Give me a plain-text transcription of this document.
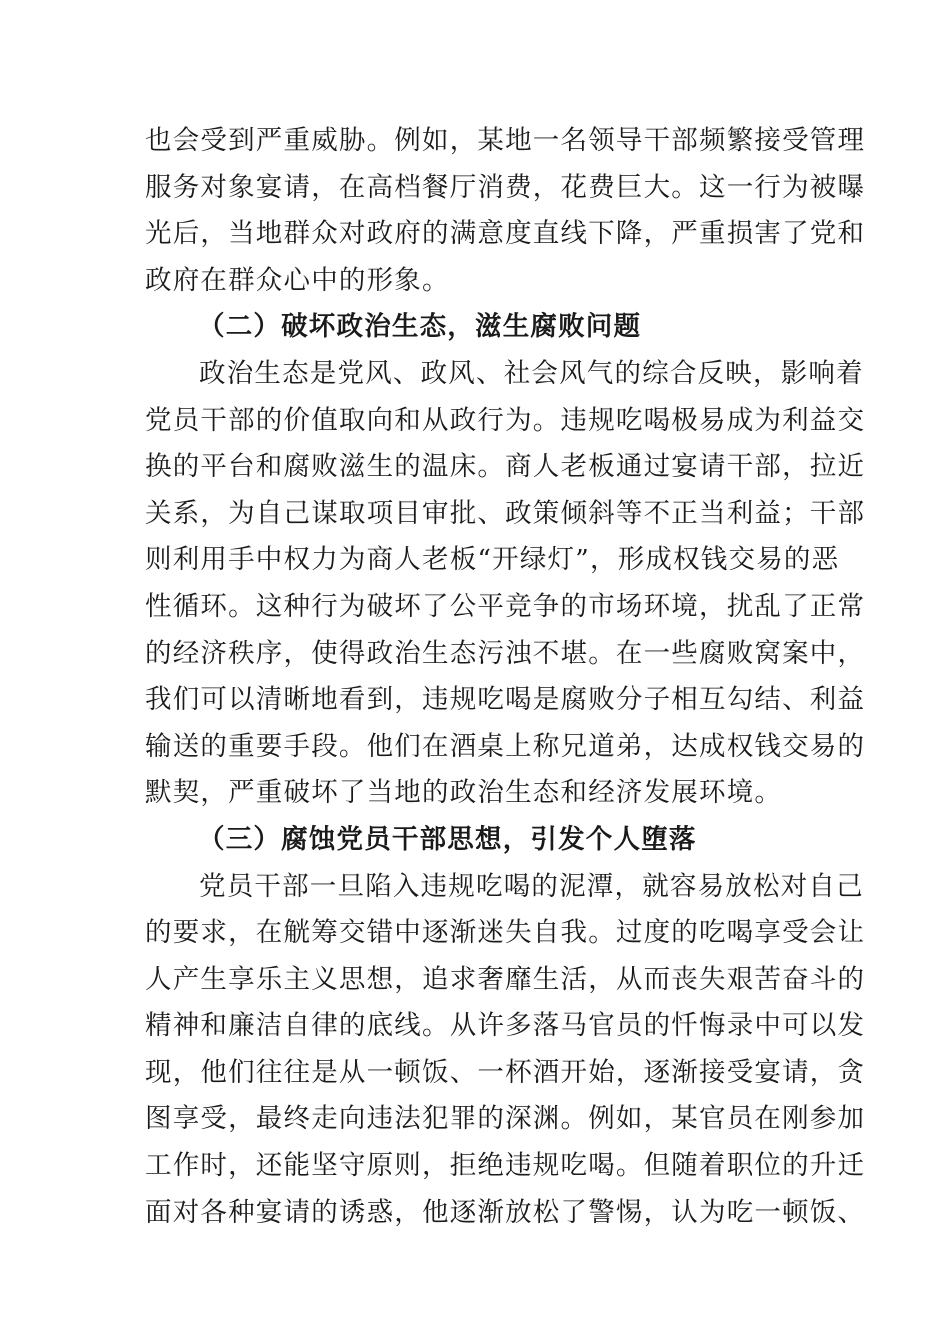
也会受到严重威胁。例如，某地一名领导干部频繁接受管理
服务对象宴请，在高档餐厅消费，花费巨大。这一行为被曝
光后，当地群众对政府的满意度直线下降，严重损害了党和
政府在群众心中的形象。
（二）破坏政治生态，滋生腐败问题
政治生态是党风、政风、社会风气的综合反映，影响着
党员干部的价值取向和从政行为。违规吃喝极易成为利益交
换的平台和腐败滋生的温床。商人老板通过宴请干部，拉近
关系，为自己谋取项目审批、政策倾斜等不正当利益；干部
则利用手中权力为商人老板“开绿灯”，形成权钱交易的恶
性循环。这种行为破坏了公平竞争的市场环境，扰乱了正常
的经济秩序，使得政治生态污浊不堪。在一些腐败窝案中，
我们可以清晰地看到，违规吃喝是腐败分子相互勾结、利益
输送的重要手段。他们在酒桌上称兄道弟，达成权钱交易的
默契，严重破坏了当地的政治生态和经济发展环境。
（三）腐蚀党员干部思想，引发个人堕落
党员干部一旦陷入违规吃喝的泥潭，就容易放松对自己
的要求，在觥筹交错中逐渐迷失自我。过度的吃喝享受会让
人产生享乐主义思想，追求奢靡生活，从而丧失艰苦奋斗的
精神和廉洁自律的底线。从许多落马官员的忏悔录中可以发
现，他们往往是从一顿饭、一杯酒开始，逐渐接受宴请，贪
图享受，最终走向违法犯罪的深渊。例如，某官员在刚参加
工作时，还能坚守原则，拒绝违规吃喝。但随着职位的升迁
面对各种宴请的诱惑，他逐渐放松了警惕，认为吃一顿饭、
